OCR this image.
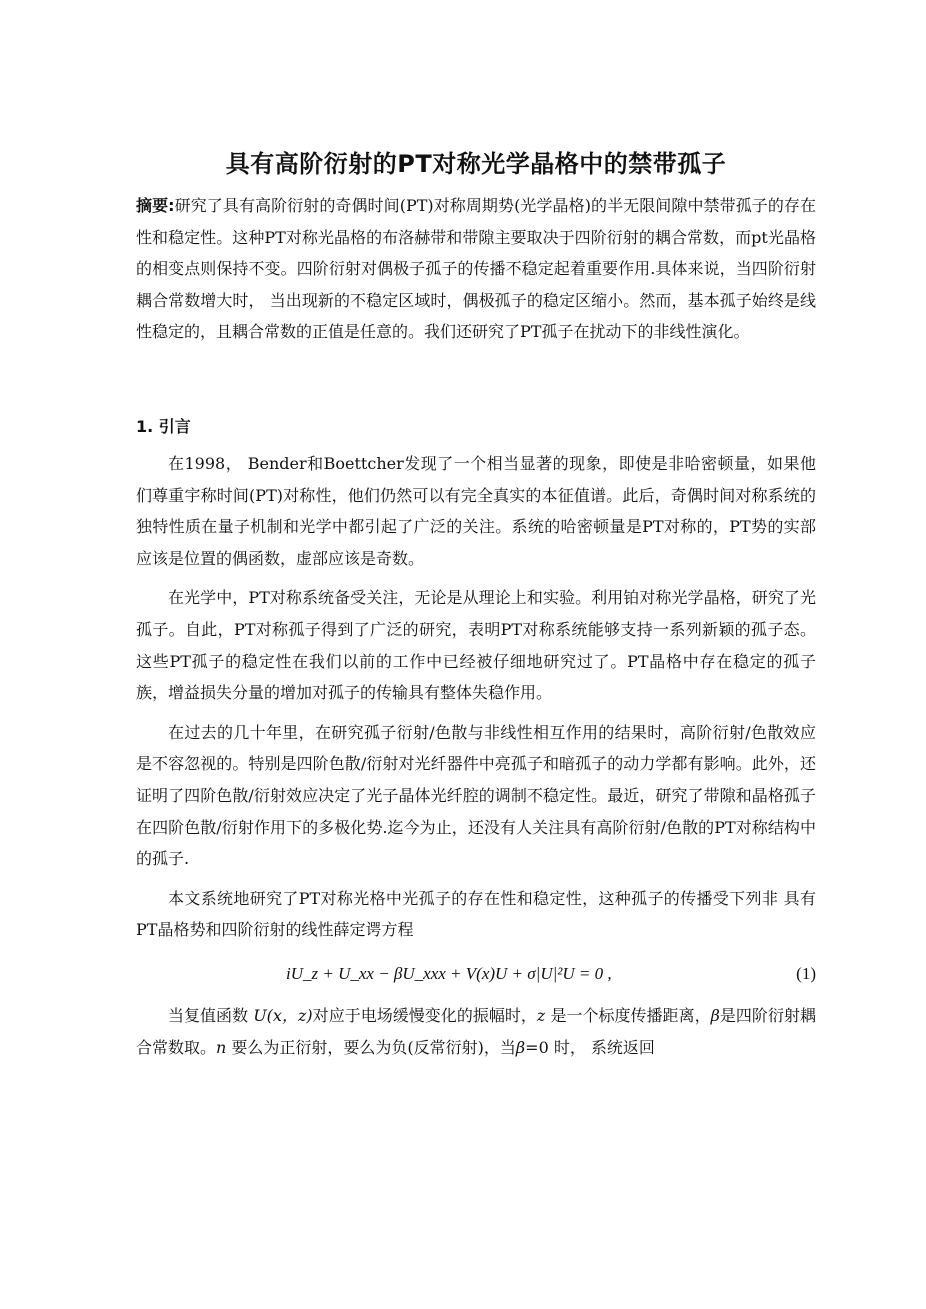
具有高阶衍射的PT对称光学晶格中的禁带孤子
摘要:研究了具有高阶衍射的奇偶时间(PT)对称周期势(光学晶格)的半无限间隙中禁带孤子的存在性和稳定性。这种PT对称光晶格的布洛赫带和带隙主要取决于四阶衍射的耦合常数，而pt光晶格的相变点则保持不变。四阶衍射对偶极子孤子的传播不稳定起着重要作用.具体来说，当四阶衍射耦合常数增大时， 当出现新的不稳定区域时，偶极孤子的稳定区缩小。然而，基本孤子始终是线性稳定的，且耦合常数的正值是任意的。我们还研究了PT孤子在扰动下的非线性演化。
1. 引言

在1998， Bender和Boettcher发现了一个相当显著的现象，即使是非哈密顿量，如果他们尊重宇称时间(PT)对称性，他们仍然可以有完全真实的本征值谱。此后，奇偶时间对称系统的独特性质在量子机制和光学中都引起了广泛的关注。系统的哈密顿量是PT对称的，PT势的实部应该是位置的偶函数，虚部应该是奇数。

在光学中，PT对称系统备受关注，无论是从理论上和实验。利用铂对称光学晶格，研究了光孤子。自此，PT对称孤子得到了广泛的研究，表明PT对称系统能够支持一系列新颖的孤子态。这些PT孤子的稳定性在我们以前的工作中已经被仔细地研究过了。PT晶格中存在稳定的孤子族，增益损失分量的增加对孤子的传输具有整体失稳作用。

在过去的几十年里，在研究孤子衍射/色散与非线性相互作用的结果时，高阶衍射/色散效应是不容忽视的。特别是四阶色散/衍射对光纤器件中亮孤子和暗孤子的动力学都有影响。此外，还证明了四阶色散/衍射效应决定了光子晶体光纤腔的调制不稳定性。最近，研究了带隙和晶格孤子在四阶色散/衍射作用下的多极化势.迄今为止，还没有人关注具有高阶衍射/色散的PT对称结构中的孤子.

本文系统地研究了PT对称光格中光孤子的存在性和稳定性，这种孤子的传播受下列非 具有PT晶格势和四阶衍射的线性薛定谔方程

iU_z + U_xx − βU_xxx + V(x)U + σ|U|²U = 0 ,	(1)

当复值函数 U(x，z)对应于电场缓慢变化的振幅时，z 是一个标度传播距离，β是四阶衍射耦合常数取。n 要么为正衍射，要么为负(反常衍射)，当β=0 时， 系统返回
